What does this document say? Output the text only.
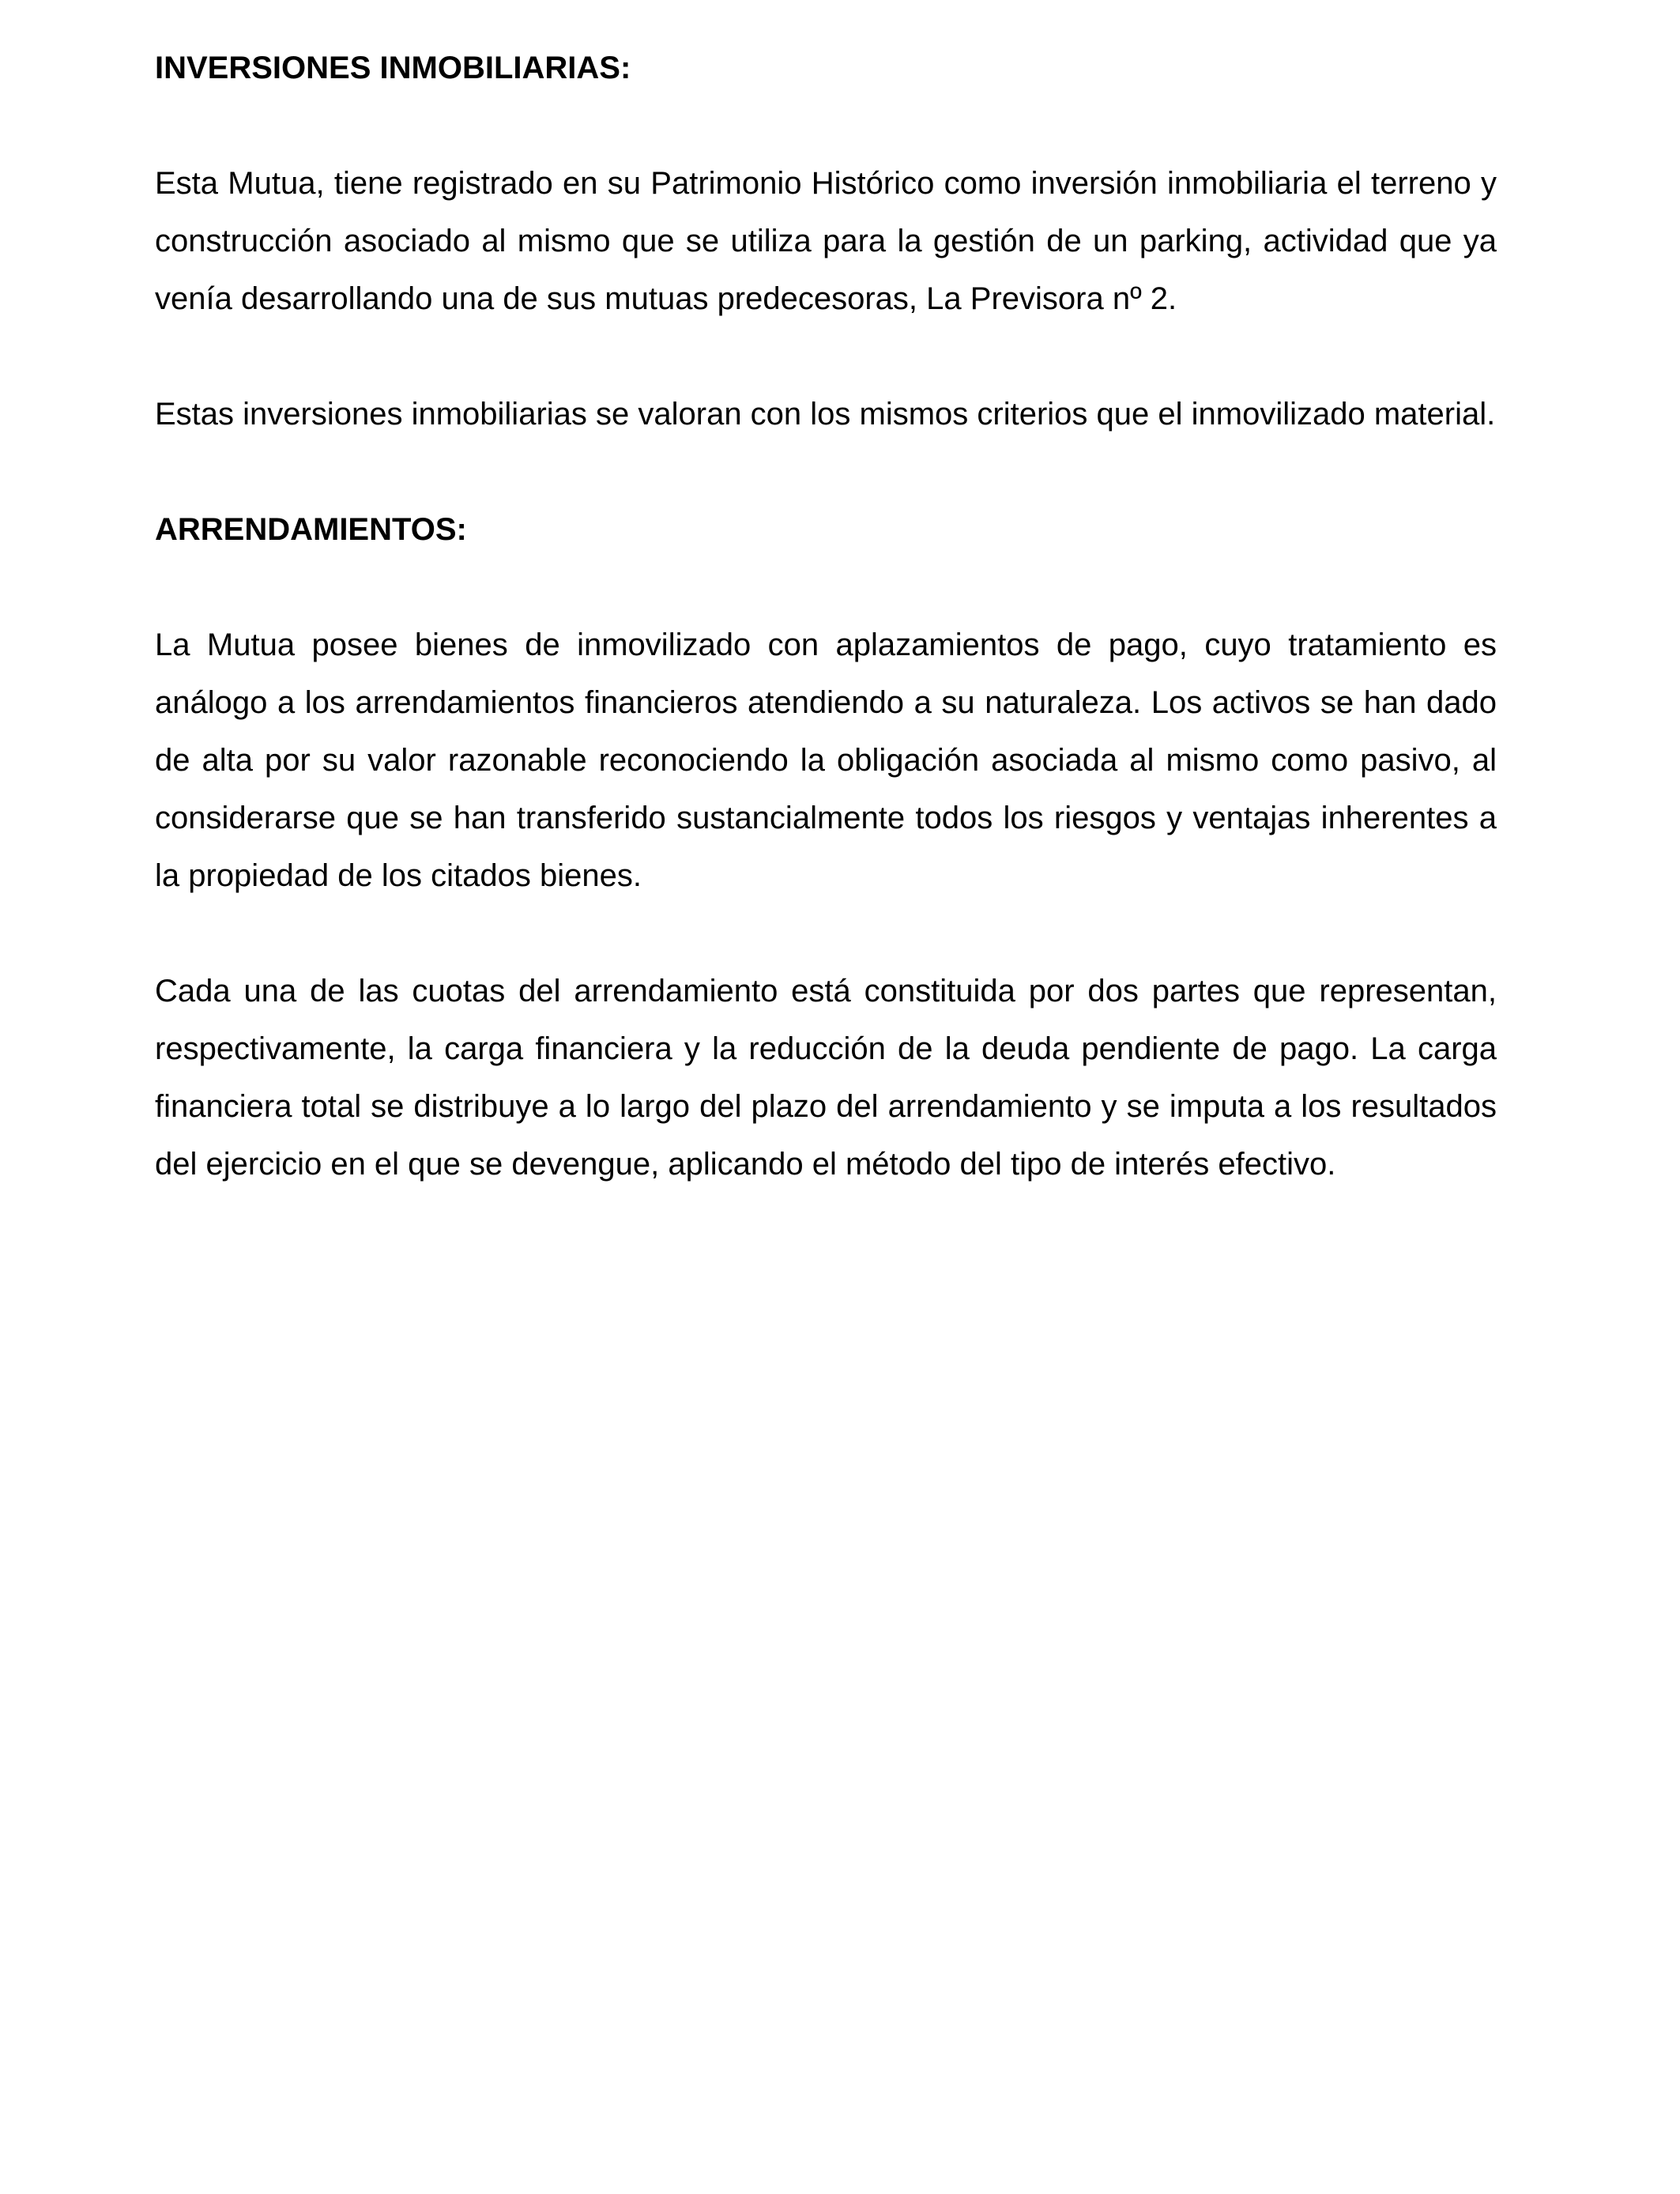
INVERSIONES INMOBILIARIAS:

Esta Mutua, tiene registrado en su Patrimonio Histórico como inversión inmobiliaria el terreno y construcción asociado al mismo que se utiliza para la gestión de un parking, actividad que ya venía desarrollando una de sus mutuas predecesoras, La Previsora nº 2.

Estas inversiones inmobiliarias se valoran con los mismos criterios que el inmovilizado material.

ARRENDAMIENTOS:

La Mutua posee bienes de inmovilizado con aplazamientos de pago, cuyo tratamiento es análogo a los arrendamientos financieros atendiendo a su naturaleza. Los activos se han dado de alta por su valor razonable reconociendo la obligación asociada al mismo como pasivo, al considerarse que se han transferido sustancialmente todos los riesgos y ventajas inherentes a la propiedad de los citados bienes.

Cada una de las cuotas del arrendamiento está constituida por dos partes que representan, respectivamente, la carga financiera y la reducción de la deuda pendiente de pago. La carga financiera total se distribuye a lo largo del plazo del arrendamiento y se imputa a los resultados del ejercicio en el que se devengue, aplicando el método del tipo de interés efectivo.
